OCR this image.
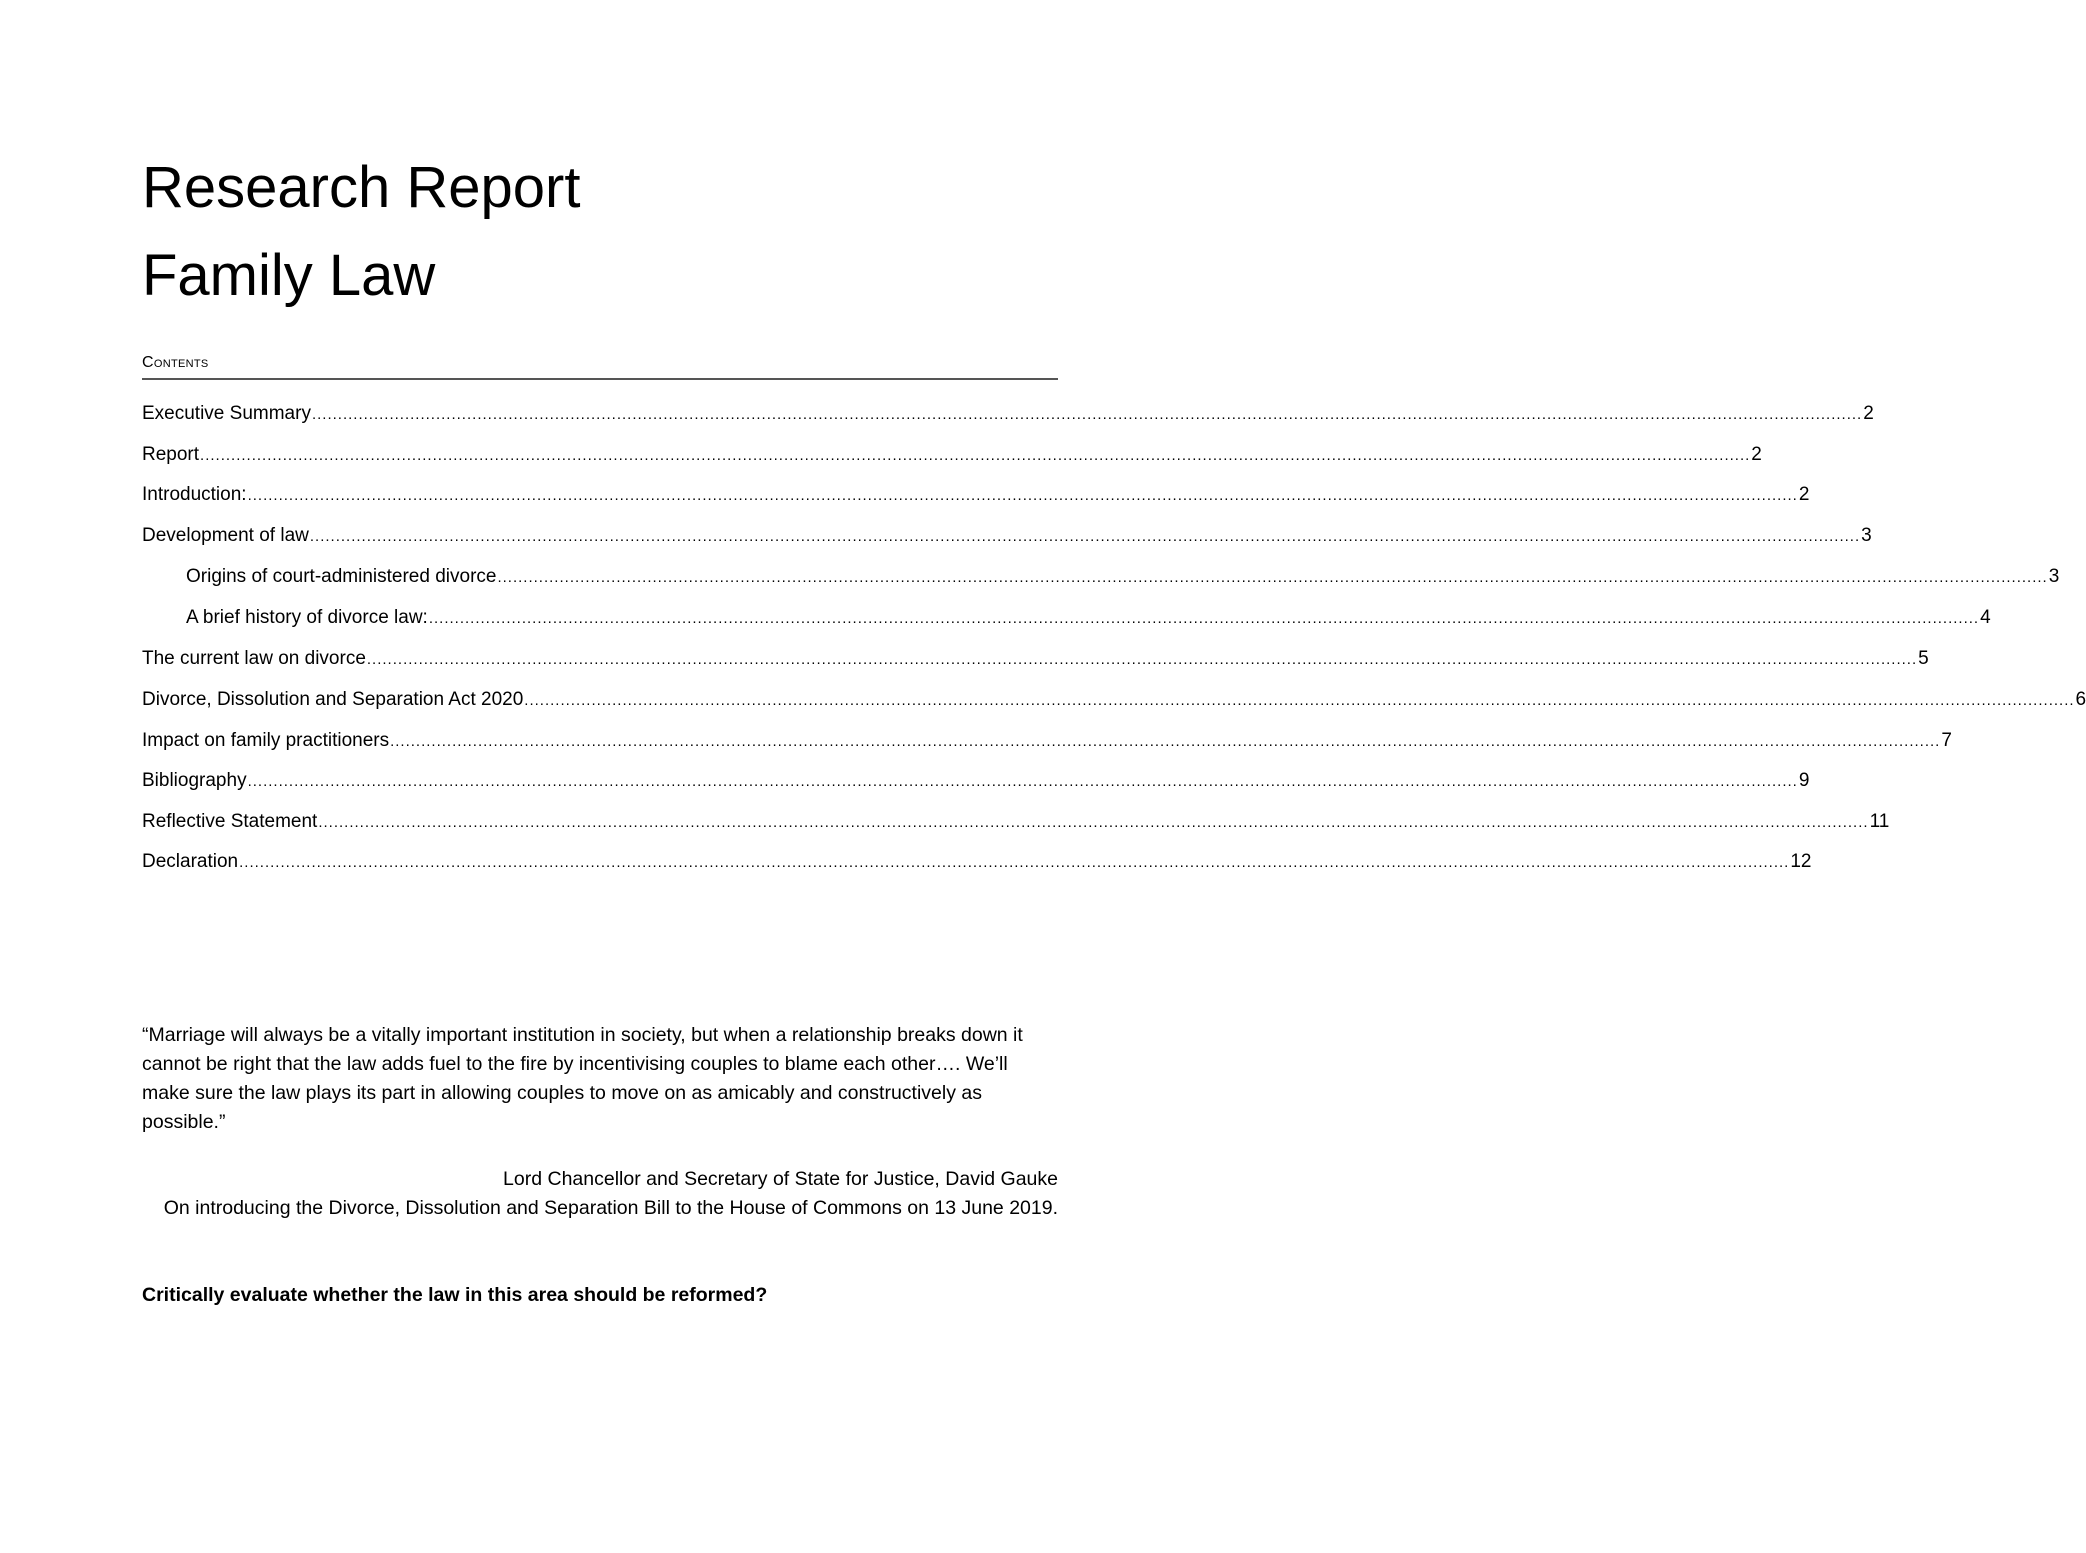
Research Report
Family Law
Contents
Executive Summary ............................................................................................................................................................................................................................................................................................................ 2
Report ............................................................................................................................................................................................................................................................................................................ 2
Introduction: ............................................................................................................................................................................................................................................................................................................ 2
Development of law ............................................................................................................................................................................................................................................................................................................ 3
Origins of court-administered divorce ............................................................................................................................................................................................................................................................................................................ 3
A brief history of divorce law: ............................................................................................................................................................................................................................................................................................................ 4
The current law on divorce ............................................................................................................................................................................................................................................................................................................ 5
Divorce, Dissolution and Separation Act 2020 ............................................................................................................................................................................................................................................................................................................ 6
Impact on family practitioners ............................................................................................................................................................................................................................................................................................................ 7
Bibliography ............................................................................................................................................................................................................................................................................................................ 9
Reflective Statement ............................................................................................................................................................................................................................................................................................................ 11
Declaration ............................................................................................................................................................................................................................................................................................................ 12

“Marriage will always be a vitally important institution in society, but when a relationship breaks down it cannot be right that the law adds fuel to the fire by incentivising couples to blame each other…. We’ll make sure the law plays its part in allowing couples to move on as amicably and constructively as possible.”

Lord Chancellor and Secretary of State for Justice, David Gauke
On introducing the Divorce, Dissolution and Separation Bill to the House of Commons on 13 June 2019.
Critically evaluate whether the law in this area should be reformed?
